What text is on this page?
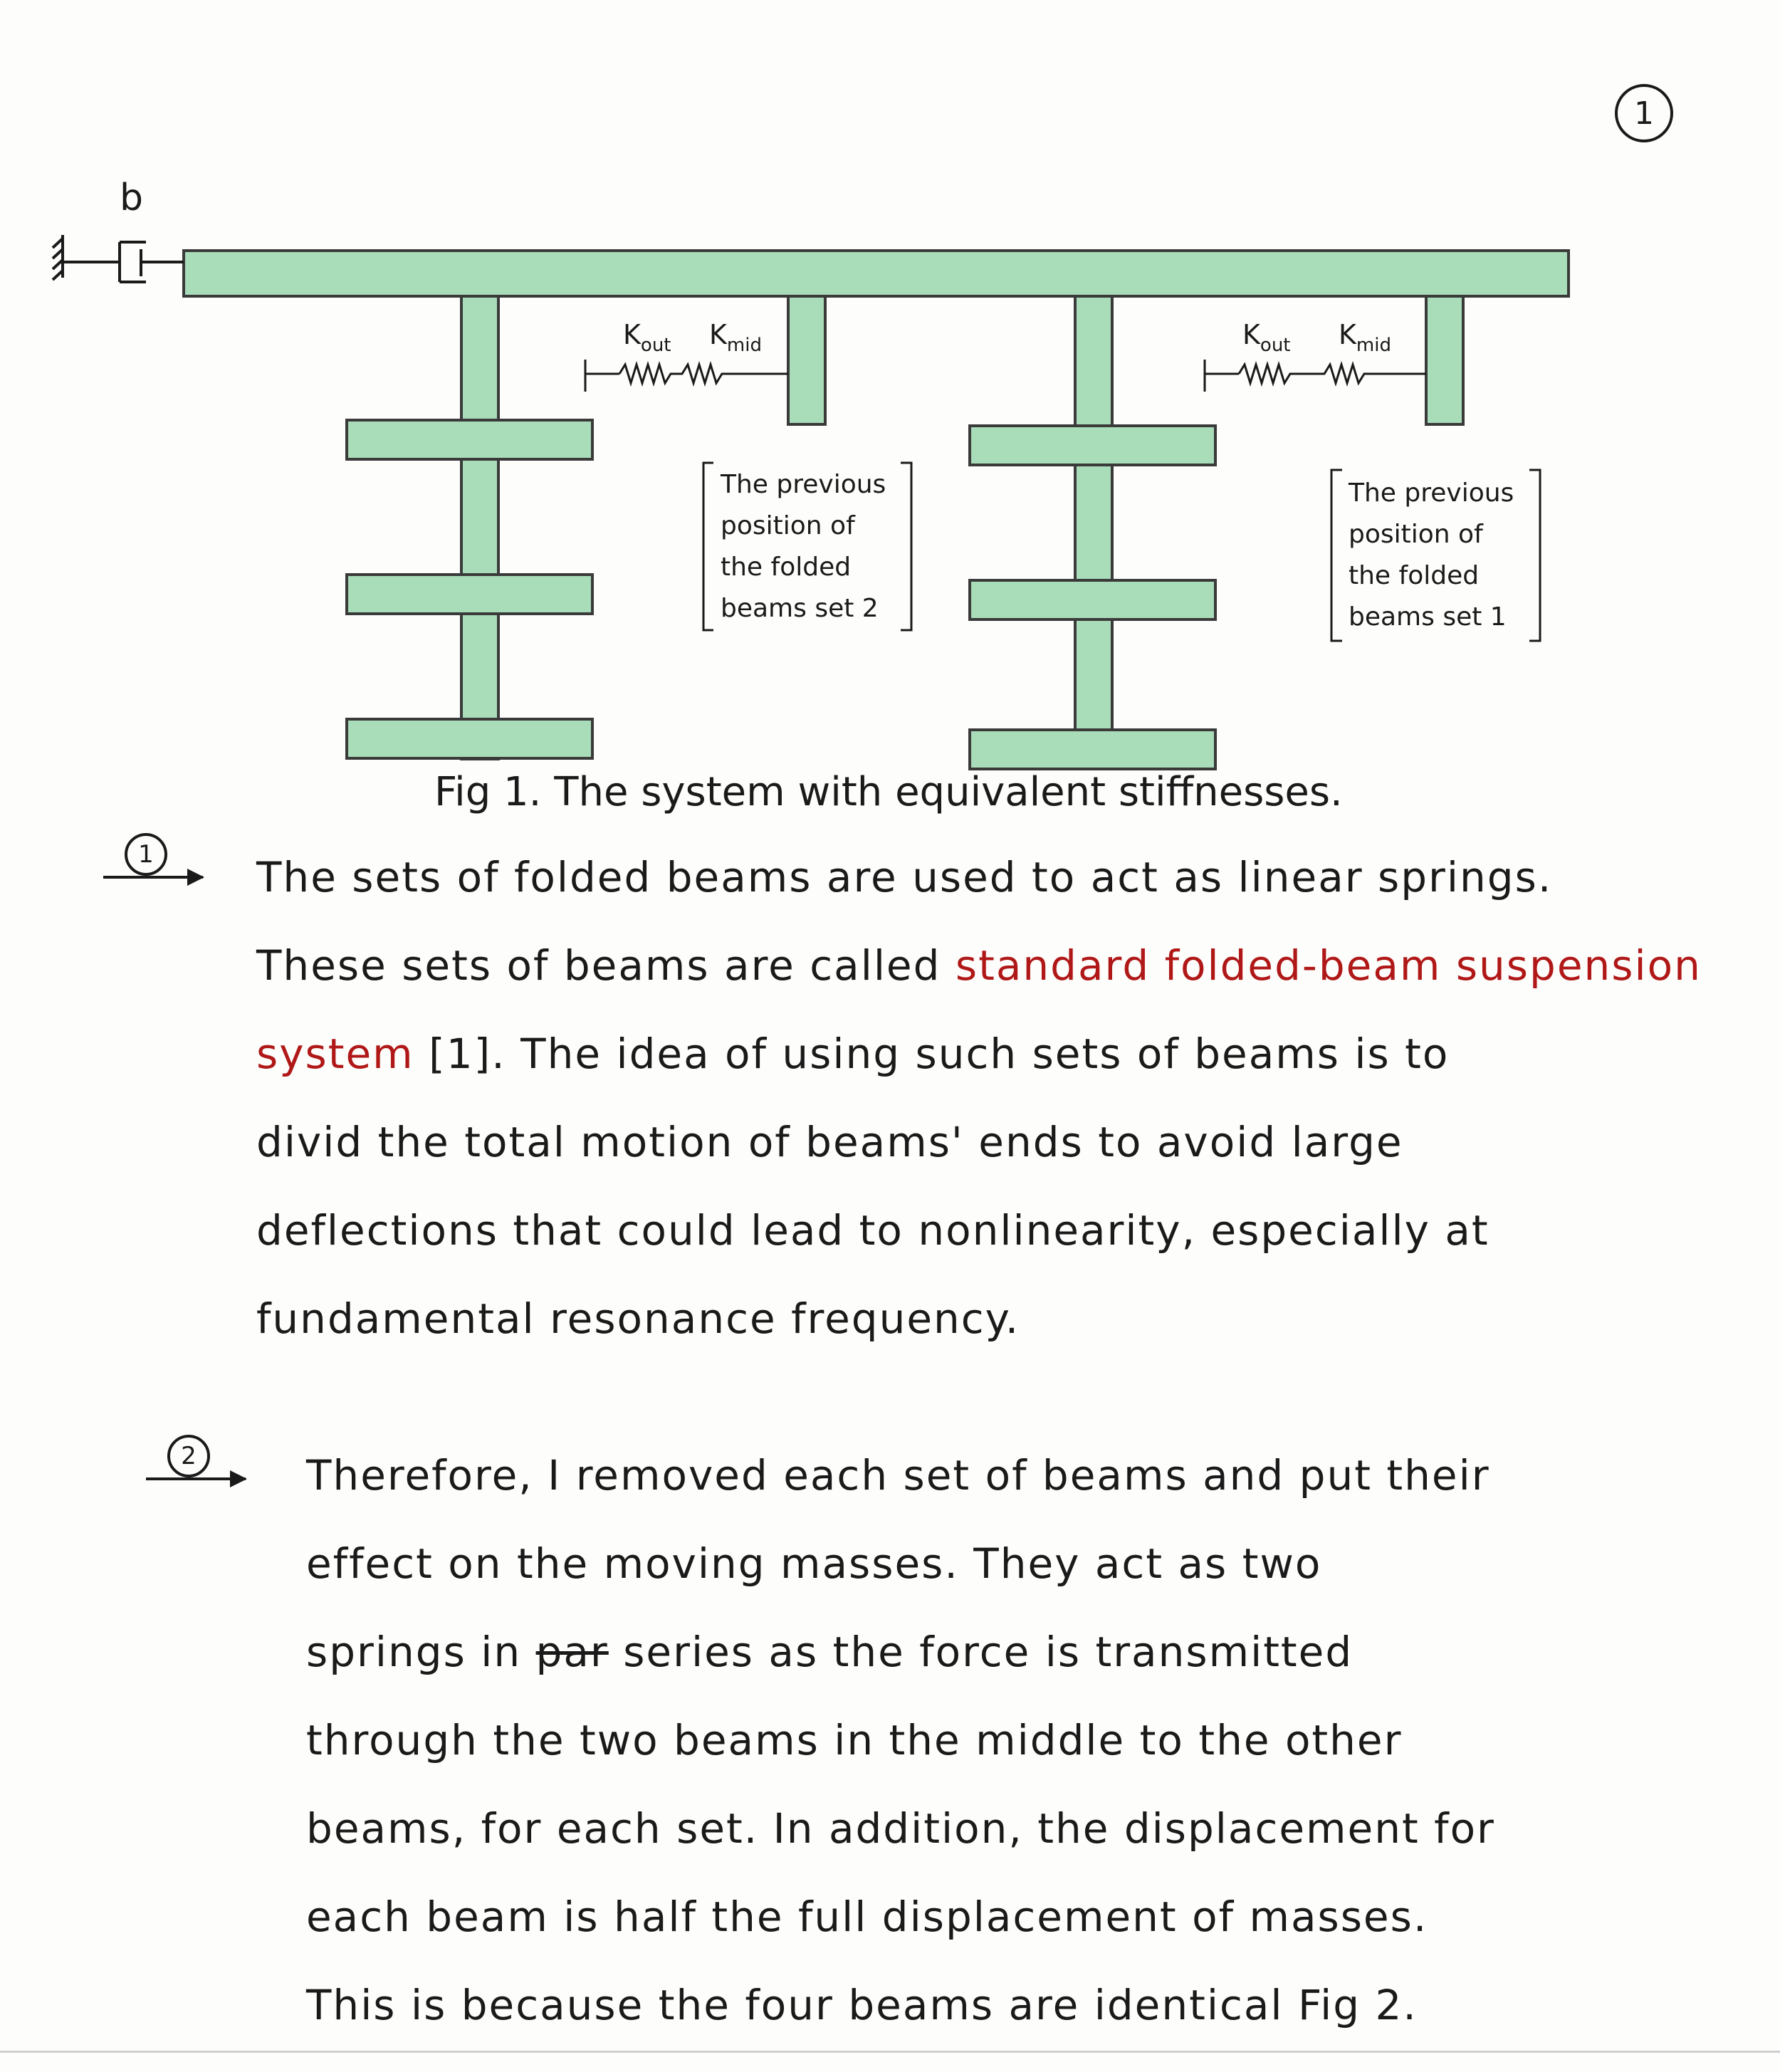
1
b
$K_{out}$ $K_{mid}$	$K_{out}$ $K_{mid}$
The previous
position of
the folded
beams set 2
The previous
position of
the folded
beams set 1
Fig 1. The system with equivalent stiffnesses.
1	The sets of folded beams are used to act as linear springs.
These sets of beams are called standard folded-beam suspension
system [1]. The idea of using such sets of beams is to
divid the total motion of beams' ends to avoid large
deflections that could lead to nonlinearity, especially at
fundamental resonance frequency.
2	Therefore, I removed each set of beams and put their
effect on the moving masses. They act as two
springs in par series as the force is transmitted
through the two beams in the middle to the other
beams, for each set. In addition, the displacement for
each beam is half the full displacement of masses.
This is because the four beams are identical Fig 2.
